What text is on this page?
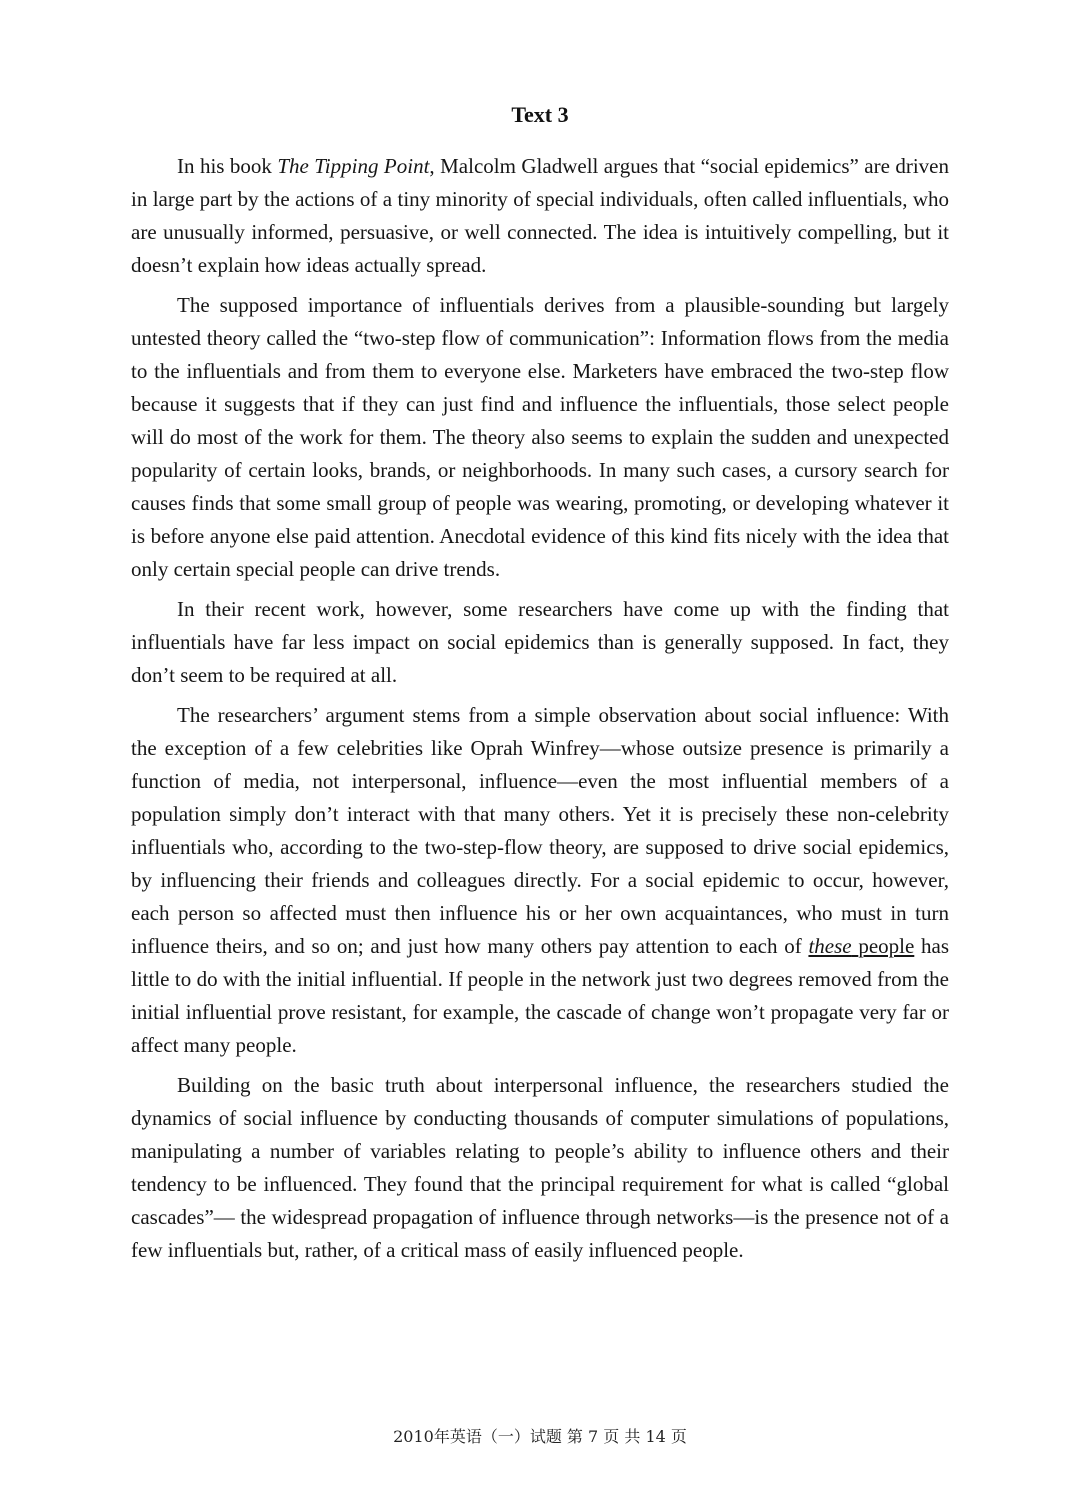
Text 3

In his book The Tipping Point, Malcolm Gladwell argues that “social epidemics” are driven in large part by the actions of a tiny minority of special individuals, often called influentials, who are unusually informed, persuasive, or well connected. The idea is intuitively compelling, but it doesn’t explain how ideas actually spread.

The supposed importance of influentials derives from a plausible-sounding but largely untested theory called the “two-step flow of communication”: Information flows from the media to the influentials and from them to everyone else. Marketers have embraced the two-step flow because it suggests that if they can just find and influence the influentials, those select people will do most of the work for them. The theory also seems to explain the sudden and unexpected popularity of certain looks, brands, or neighborhoods. In many such cases, a cursory search for causes finds that some small group of people was wearing, promoting, or developing whatever it is before anyone else paid attention. Anecdotal evidence of this kind fits nicely with the idea that only certain special people can drive trends.

In their recent work, however, some researchers have come up with the finding that influentials have far less impact on social epidemics than is generally supposed. In fact, they don’t seem to be required at all.

The researchers’ argument stems from a simple observation about social influence: With the exception of a few celebrities like Oprah Winfrey—whose outsize presence is primarily a function of media, not interpersonal, influence—even the most influential members of a population simply don’t interact with that many others. Yet it is precisely these non-celebrity influentials who, according to the two-step-flow theory, are supposed to drive social epidemics, by influencing their friends and colleagues directly. For a social epidemic to occur, however, each person so affected must then influence his or her own acquaintances, who must in turn influence theirs, and so on; and just how many others pay attention to each of these people has little to do with the initial influential. If people in the network just two degrees removed from the initial influential prove resistant, for example, the cascade of change won’t propagate very far or affect many people.

Building on the basic truth about interpersonal influence, the researchers studied the dynamics of social influence by conducting thousands of computer simulations of populations, manipulating a number of variables relating to people’s ability to influence others and their tendency to be influenced. They found that the principal requirement for what is called “global cascades”— the widespread propagation of influence through networks—is the presence not of a few influentials but, rather, of a critical mass of easily influenced people.

2010年英语（一）试题 第 7 页 共 14 页
